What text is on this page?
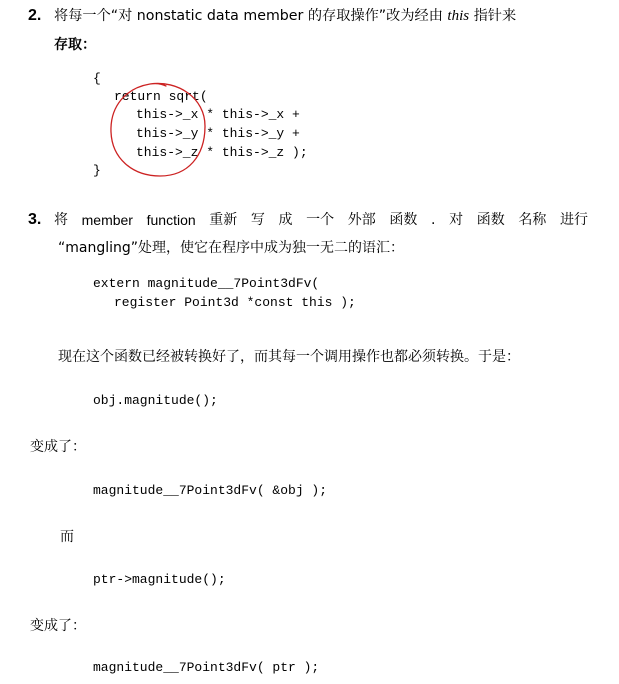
2. 将每一个“对 nonstatic data member 的存取操作”改为经由 this 指针来
存取：
{
return sqrt(
this->_x * this->_x +
this->_y * this->_y +
this->_z * this->_z );
}
3. 将 member function 重新 写 成 一个 外部 函数 . 对 函数 名称 进行
“mangling”处理，使它在程序中成为独一无二的语汇：
extern magnitude__7Point3dFv(
register Point3d *const this );
现在这个函数已经被转换好了，而其每一个调用操作也都必须转换。于是：
obj.magnitude();
变成了：
magnitude__7Point3dFv( &obj );
而
ptr->magnitude();
变成了：
magnitude__7Point3dFv( ptr );
